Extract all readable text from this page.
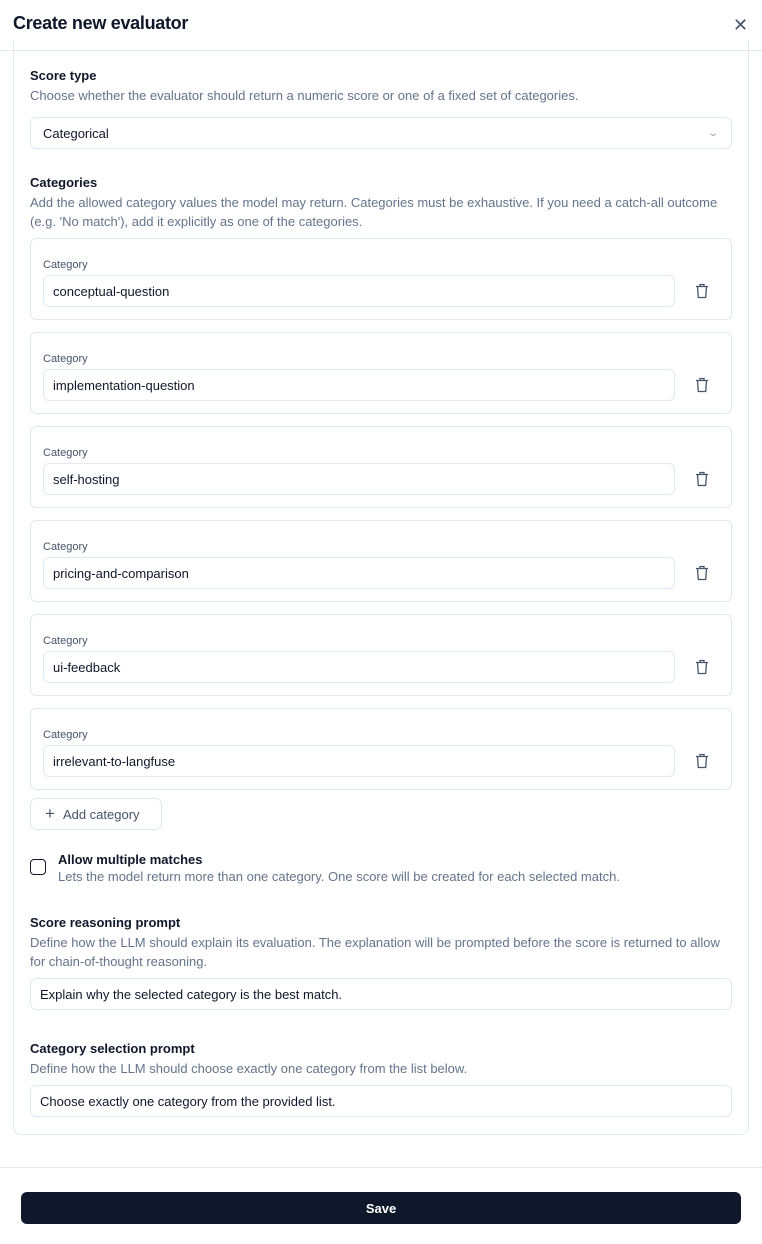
Create new evaluator	✕
Score type
Choose whether the evaluator should return a numeric score or one of a fixed set of categories.
Categorical	⌄
Categories
Add the allowed category values the model may return. Categories must be exhaustive. If you need a catch-all outcome (e.g. 'No match'), add it explicitly as one of the categories.
Category
conceptual-question
Category
implementation-question
Category
self-hosting
Category
pricing-and-comparison
Category
ui-feedback
Category
irrelevant-to-langfuse
+ Add category
Allow multiple matches
Lets the model return more than one category. One score will be created for each selected match.
Score reasoning prompt
Define how the LLM should explain its evaluation. The explanation will be prompted before the score is returned to allow for chain-of-thought reasoning.
Explain why the selected category is the best match.
Category selection prompt
Define how the LLM should choose exactly one category from the list below.
Choose exactly one category from the provided list.
Save
